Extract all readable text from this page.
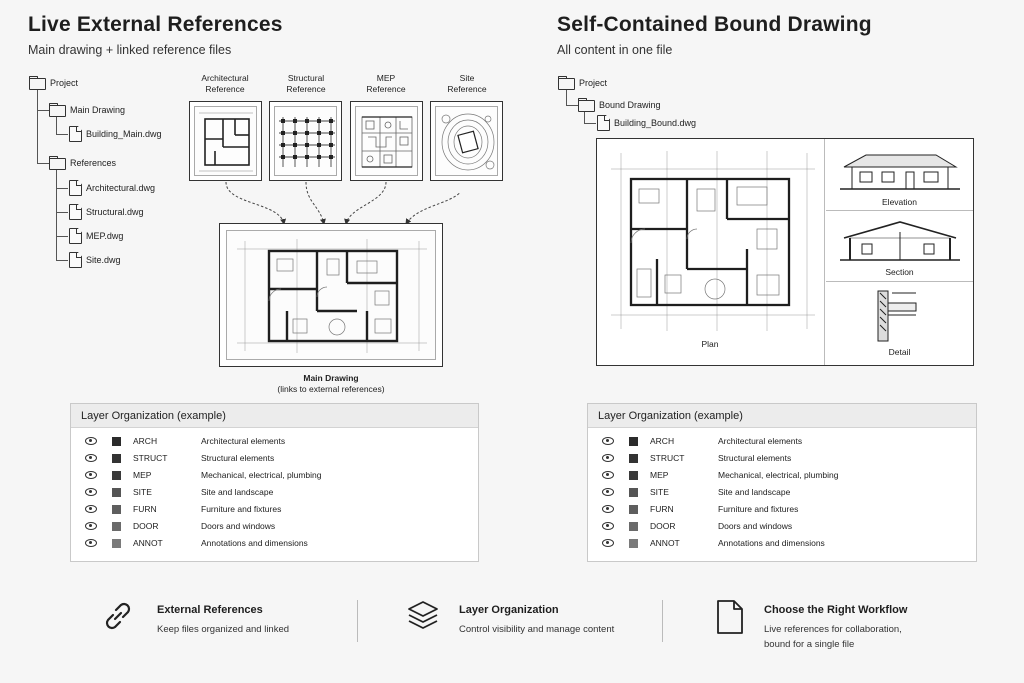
Live External References
Main drawing + linked reference files
Project
Main Drawing
Building_Main.dwg
References
Architectural.dwg
Structural.dwg
MEP.dwg
Site.dwg
Architectural
Reference
Structural
Reference
MEP
Reference
Site
Reference
Main Drawing
(links to external references)
Self-Contained Bound Drawing
All content in one file
Project
Bound Drawing
Building_Bound.dwg
Plan
Elevation
Section
Detail
Layer Organization (example)
ARCH	Architectural elements
STRUCT	Structural elements
MEP	Mechanical, electrical, plumbing
SITE	Site and landscape
FURN	Furniture and fixtures
DOOR	Doors and windows
ANNOT	Annotations and dimensions
Layer Organization (example)
ARCH	Architectural elements
STRUCT	Structural elements
MEP	Mechanical, electrical, plumbing
SITE	Site and landscape
FURN	Furniture and fixtures
DOOR	Doors and windows
ANNOT	Annotations and dimensions
External References
Keep files organized and linked
Layer Organization
Control visibility and manage content
Choose the Right Workflow
Live references for collaboration,
bound for a single file
